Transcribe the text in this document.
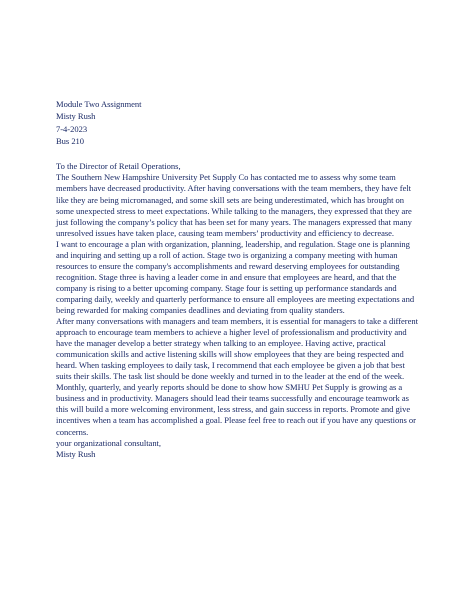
Module Two Assignment

Misty Rush

7-4-2023

Bus 210

To the Director of Retail Operations,

The Southern New Hampshire University Pet Supply Co has contacted me to assess why some team members have decreased productivity. After having conversations with the team members, they have felt like they are being micromanaged, and some skill sets are being underestimated, which has brought on some unexpected stress to meet expectations. While talking to the managers, they expressed that they are just following the company’s policy that has been set for many years. The managers expressed that many unresolved issues have taken place, causing team members’ productivity and efficiency to decrease.

I want to encourage a plan with organization, planning, leadership, and regulation. Stage one is planning and inquiring and setting up a roll of action. Stage two is organizing a company meeting with human resources to ensure the company's accomplishments and reward deserving employees for outstanding recognition. Stage three is having a leader come in and ensure that employees are heard, and that the company is rising to a better upcoming company. Stage four is setting up performance standards and comparing daily, weekly and quarterly performance to ensure all employees are meeting expectations and being rewarded for making companies deadlines and deviating from quality standers.

After many conversations with managers and team members, it is essential for managers to take a different approach to encourage team members to achieve a higher level of professionalism and productivity and have the manager develop a better strategy when talking to an employee. Having active, practical communication skills and active listening skills will show employees that they are being respected and heard. When tasking employees to daily task, I recommend that each employee be given a job that best suits their skills. The task list should be done weekly and turned in to the leader at the end of the week. Monthly, quarterly, and yearly reports should be done to show how SMHU Pet Supply is growing as a business and in productivity. Managers should lead their teams successfully and encourage teamwork as this will build a more welcoming environment, less stress, and gain success in reports. Promote and give incentives when a team has accomplished a goal. Please feel free to reach out if you have any questions or concerns.

your organizational consultant,

Misty Rush
